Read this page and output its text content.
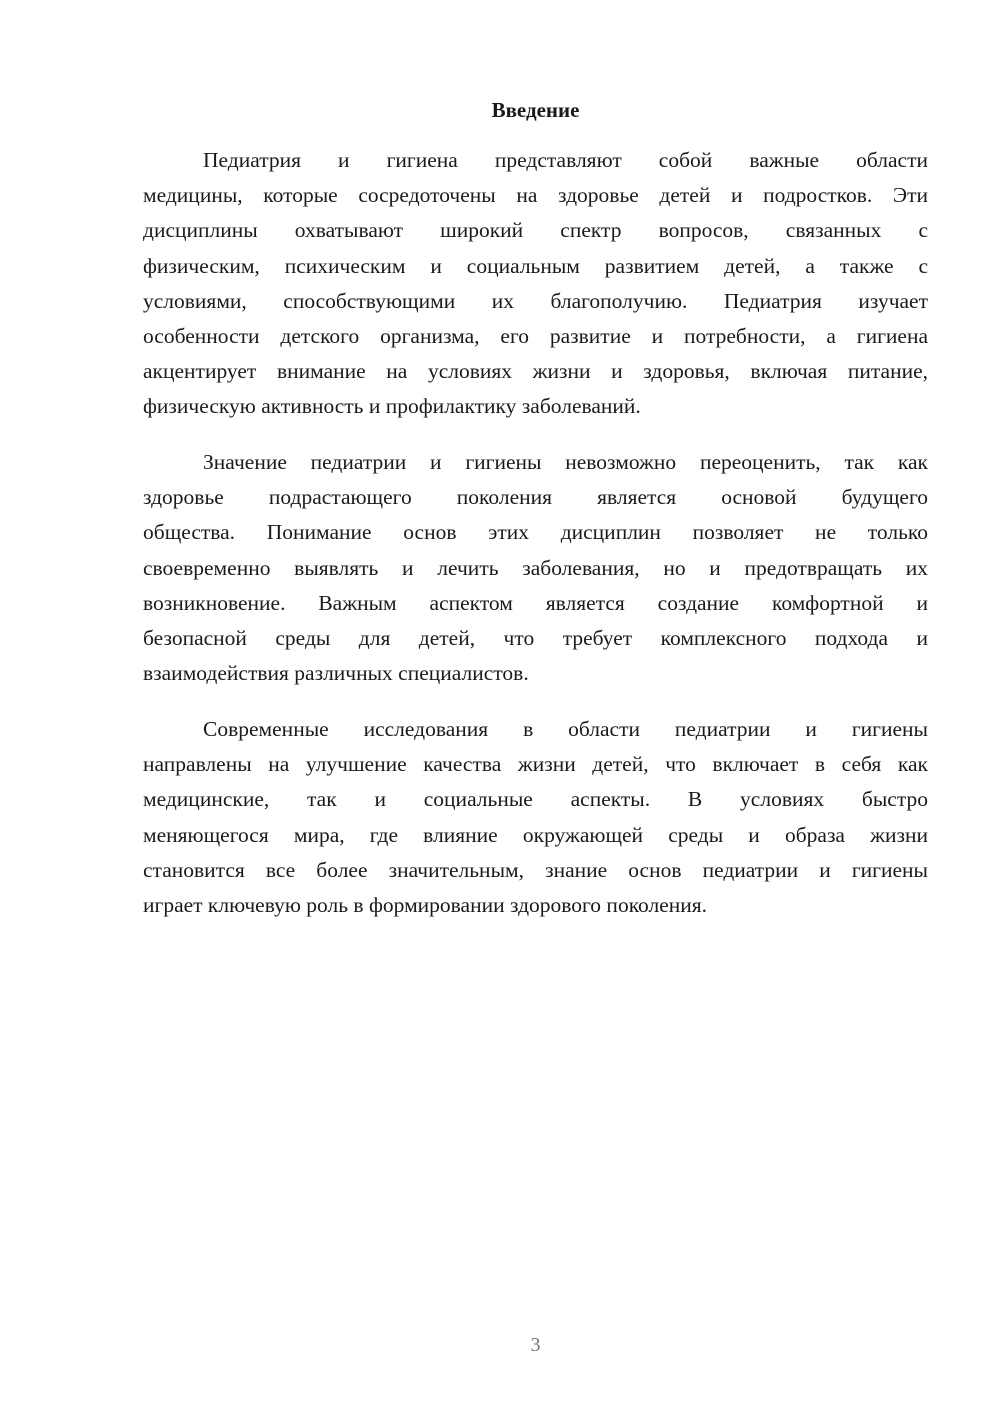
Введение
Педиатрия и гигиена представляют собой важные области
медицины, которые сосредоточены на здоровье детей и подростков. Эти
дисциплины охватывают широкий спектр вопросов, связанных с
физическим, психическим и социальным развитием детей, а также с
условиями, способствующими их благополучию. Педиатрия изучает
особенности детского организма, его развитие и потребности, а гигиена
акцентирует внимание на условиях жизни и здоровья, включая питание,
физическую активность и профилактику заболеваний.
Значение педиатрии и гигиены невозможно переоценить, так как
здоровье подрастающего поколения является основой будущего
общества. Понимание основ этих дисциплин позволяет не только
своевременно выявлять и лечить заболевания, но и предотвращать их
возникновение. Важным аспектом является создание комфортной и
безопасной среды для детей, что требует комплексного подхода и
взаимодействия различных специалистов.
Современные исследования в области педиатрии и гигиены
направлены на улучшение качества жизни детей, что включает в себя как
медицинские, так и социальные аспекты. В условиях быстро
меняющегося мира, где влияние окружающей среды и образа жизни
становится все более значительным, знание основ педиатрии и гигиены
играет ключевую роль в формировании здорового поколения.
3
